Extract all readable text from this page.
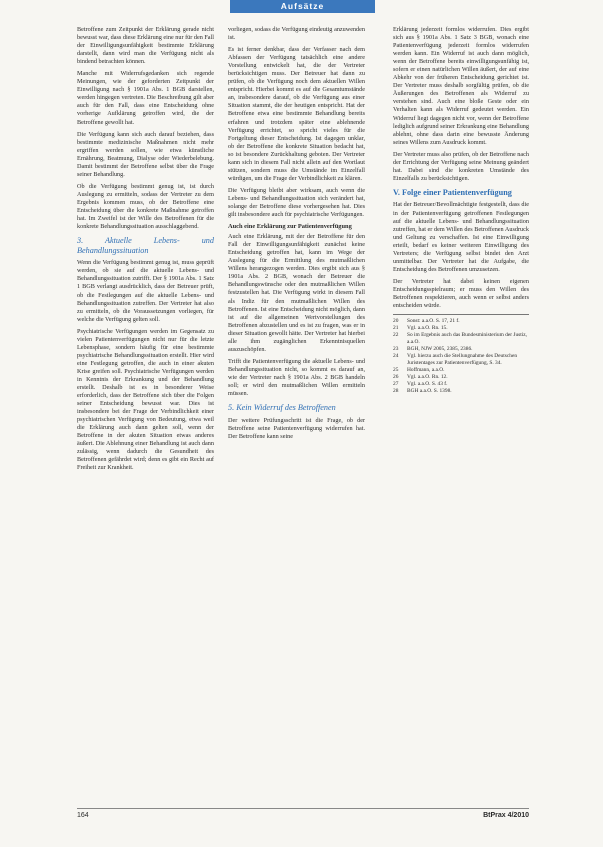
Aufsätze

Betroffene zum Zeitpunkt der Erklärung gerade nicht bewusst war, dass diese Erklärung eine nur für den Fall der Einwilligungsunfähigkeit bestimmte Erklärung darstellt, dann wird man die Verfügung nicht als bindend betrachten können.

Manche mit Widerrufsgedanken sich regende Meinungen, wie der geforderten Zeitpunkt der Einwilligung nach § 1901a Abs. 1 BGB darstellen, werden hingegen vertreten. Die Beschreibung gilt aber auch für den Fall, dass eine Entscheidung ohne vorherige Aufklärung getroffen wird, die der Betroffene gewollt hat.

Die Verfügung kann sich auch darauf beziehen, dass bestimmte medizinische Maßnahmen nicht mehr ergriffen werden sollen, wie etwa künstliche Ernährung, Beatmung, Dialyse oder Wiederbelebung. Damit bestimmt der Betroffene selbst über die Frage seiner Behandlung.

Ob die Verfügung bestimmt genug ist, ist durch Auslegung zu ermitteln, sodass der Vertreter zu dem Ergebnis kommen muss, ob der Betroffene eine Entscheidung über die konkrete Maßnahme getroffen hat. Im Zweifel ist der Wille des Betroffenen für die konkrete Behandlungssituation ausschlaggebend.

3. Aktuelle Lebens- und Behandlungssituation

Wenn die Verfügung bestimmt genug ist, muss geprüft werden, ob sie auf die aktuelle Lebens- und Behandlungssituation zutrifft. Der § 1901a Abs. 1 Satz 1 BGB verlangt ausdrücklich, dass der Betreuer prüft, ob die Festlegungen auf die aktuelle Lebens- und Behandlungssituation zutreffen. Der Vertreter hat also zu ermitteln, ob die Voraussetzungen vorliegen, für welche die Verfügung gelten soll.

Psychiatrische Verfügungen werden im Gegensatz zu vielen Patientenverfügungen nicht nur für die letzte Lebensphase, sondern häufig für eine bestimmte psychiatrische Behandlungssituation erstellt. Hier wird eine Festlegung getroffen, die auch in einer akuten Krise greifen soll. Psychiatrische Verfügungen werden in Kenntnis der Erkrankung und der Behandlung erstellt. Deshalb ist es in besonderer Weise erforderlich, dass der Betroffene sich über die Folgen seiner Entscheidung bewusst war. Dies ist insbesondere bei der Frage der Verbindlichkeit einer psychiatrischen Verfügung von Bedeutung, etwa weil die Erklärung auch dann gelten soll, wenn der Betroffene in der akuten Situation etwas anderes äußert. Die Ablehnung einer Behandlung ist auch dann zulässig, wenn dadurch die Gesundheit des Betroffenen gefährdet wird; denn es gibt ein Recht auf Freiheit zur Krankheit.

vorliegen, sodass die Verfügung eindeutig anzuwenden ist.

Es ist ferner denkbar, dass der Verfasser nach dem Abfassen der Verfügung tatsächlich eine andere Vorstellung entwickelt hat, die der Vertreter berücksichtigen muss. Der Betreuer hat dann zu prüfen, ob die Verfügung noch dem aktuellen Willen entspricht. Hierbei kommt es auf die Gesamtumstände an, insbesondere darauf, ob die Verfügung aus einer Situation stammt, die der heutigen entspricht. Hat der Betroffene etwa eine bestimmte Behandlung bereits erfahren und trotzdem später eine ablehnende Verfügung errichtet, so spricht vieles für die Fortgeltung dieser Entscheidung. Ist dagegen unklar, ob der Betroffene die konkrete Situation bedacht hat, so ist besondere Zurückhaltung geboten. Der Vertreter kann sich in diesem Fall nicht allein auf den Wortlaut stützen, sondern muss die Umstände im Einzelfall würdigen, um die Frage der Verbindlichkeit zu klären.

Die Verfügung bleibt aber wirksam, auch wenn die Lebens- und Behandlungssituation sich verändert hat, solange der Betroffene diese vorhergesehen hat. Dies gilt insbesondere auch für psychiatrische Verfügungen.

Auch eine Erklärung zur Patientenverfügung

Auch eine Erklärung, mit der der Betroffene für den Fall der Einwilligungsunfähigkeit zunächst keine Entscheidung getroffen hat, kann im Wege der Auslegung für die Ermittlung des mutmaßlichen Willens herangezogen werden. Dies ergibt sich aus § 1901a Abs. 2 BGB, wonach der Betreuer die Behandlungswünsche oder den mutmaßlichen Willen festzustellen hat. Die Verfügung wirkt in diesem Fall als Indiz für den mutmaßlichen Willen des Betroffenen. Ist eine Entscheidung nicht möglich, dann ist auf die allgemeinen Wertvorstellungen des Betroffenen abzustellen und es ist zu fragen, was er in dieser Situation gewollt hätte. Der Vertreter hat hierbei alle ihm zugänglichen Erkenntnisquellen auszuschöpfen.

Trifft die Patientenverfügung die aktuelle Lebens- und Behandlungssituation nicht, so kommt es darauf an, wie der Vertreter nach § 1901a Abs. 2 BGB handeln soll; er wird den mutmaßlichen Willen ermitteln müssen.

5. Kein Widerruf des Betroffenen

Der weitere Prüfungsschritt ist die Frage, ob der Betroffene seine Patientenverfügung widerrufen hat. Der Betroffene kann seine

Erklärung jederzeit formlos widerrufen. Dies ergibt sich aus § 1901a Abs. 1 Satz 3 BGB, wonach eine Patientenverfügung jederzeit formlos widerrufen werden kann. Ein Widerruf ist auch dann möglich, wenn der Betroffene bereits einwilligungsunfähig ist, sofern er einen natürlichen Willen äußert, der auf eine Abkehr von der früheren Entscheidung gerichtet ist. Der Vertreter muss deshalb sorgfältig prüfen, ob die Äußerungen des Betroffenen als Widerruf zu verstehen sind. Auch eine bloße Geste oder ein Verhalten kann als Widerruf gedeutet werden. Ein Widerruf liegt dagegen nicht vor, wenn der Betroffene lediglich aufgrund seiner Erkrankung eine Behandlung ablehnt, ohne dass darin eine bewusste Änderung seines Willens zum Ausdruck kommt.

Der Vertreter muss also prüfen, ob der Betroffene nach der Errichtung der Verfügung seine Meinung geändert hat. Dabei sind die konkreten Umstände des Einzelfalls zu berücksichtigen.

V. Folge einer Patientenverfügung

Hat der Betreuer/Bevollmächtigte festgestellt, dass die in der Patientenverfügung getroffenen Festlegungen auf die aktuelle Lebens- und Behandlungssituation zutreffen, hat er dem Willen des Betroffenen Ausdruck und Geltung zu verschaffen. Ist eine Einwilligung erteilt, bedarf es keiner weiteren Einwilligung des Vertreters; die Verfügung selbst bindet den Arzt unmittelbar. Der Vertreter hat die Aufgabe, die Entscheidung des Betroffenen umzusetzen.

Der Vertreter hat dabei keinen eigenen Entscheidungsspielraum; er muss den Willen des Betroffenen respektieren, auch wenn er selbst anders entscheiden würde.

20	Sonst: a.a.O. S. 17, 21 f.
21	Vgl. a.a.O. Rn. 15.
22	So im Ergebnis auch das Bundesministerium der Justiz, a.a.O.
23	BGH, NJW 2005, 2385, 2386.
24	Vgl. hierzu auch die Stellungnahme des Deutschen Juristentages zur Patientenverfügung, S. 34.
25	Hoffmann, a.a.O.
26	Vgl. a.a.O. Rn. 12.
27	Vgl. a.a.O. S. 43 f.
28	BGH a.a.O. S. 1398.
164	BtPrax 4/2010
